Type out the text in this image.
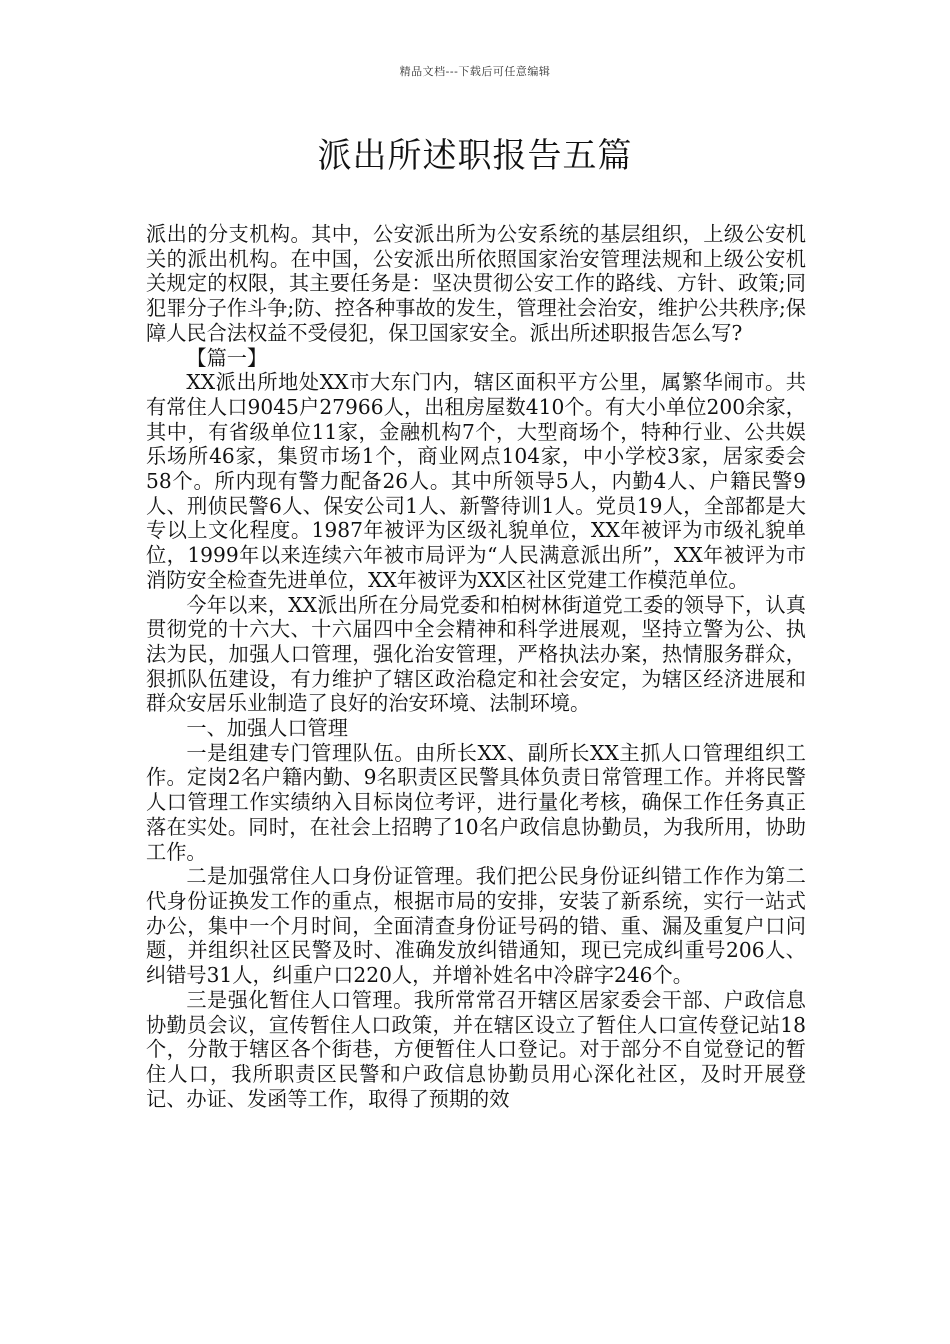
精品文档---下载后可任意编辑
派出所述职报告五篇

派出的分支机构。其中，公安派出所为公安系统的基层组织，上级公安机关的派出机构。在中国，公安派出所依照国家治安管理法规和上级公安机关规定的权限，其主要任务是：坚决贯彻公安工作的路线、方针、政策;同犯罪分子作斗争;防、控各种事故的发生，管理社会治安，维护公共秩序;保障人民合法权益不受侵犯，保卫国家安全。派出所述职报告怎么写?

【篇一】

XX派出所地处XX市大东门内，辖区面积平方公里，属繁华闹市。共有常住人口9045户27966人，出租房屋数410个。有大小单位200余家，其中，有省级单位11家，金融机构7个，大型商场个，特种行业、公共娱乐场所46家，集贸市场1个，商业网点104家，中小学校3家，居家委会58个。所内现有警力配备26人。其中所领导5人，内勤4人、户籍民警9人、刑侦民警6人、保安公司1人、新警待训1人。党员19人，全部都是大专以上文化程度。1987年被评为区级礼貌单位，XX年被评为市级礼貌单位，1999年以来连续六年被市局评为“人民满意派出所”，XX年被评为市消防安全检查先进单位，XX年被评为XX区社区党建工作模范单位。

今年以来，XX派出所在分局党委和柏树林街道党工委的领导下，认真贯彻党的十六大、十六届四中全会精神和科学进展观，坚持立警为公、执法为民，加强人口管理，强化治安管理，严格执法办案，热情服务群众，狠抓队伍建设，有力维护了辖区政治稳定和社会安定，为辖区经济进展和群众安居乐业制造了良好的治安环境、法制环境。

一、加强人口管理

一是组建专门管理队伍。由所长XX、副所长XX主抓人口管理组织工作。定岗2名户籍内勤、9名职责区民警具体负责日常管理工作。并将民警人口管理工作实绩纳入目标岗位考评，进行量化考核，确保工作任务真正落在实处。同时，在社会上招聘了10名户政信息协勤员，为我所用，协助工作。

二是加强常住人口身份证管理。我们把公民身份证纠错工作作为第二代身份证换发工作的重点，根据市局的安排，安装了新系统，实行一站式办公，集中一个月时间，全面清查身份证号码的错、重、漏及重复户口问题，并组织社区民警及时、准确发放纠错通知，现已完成纠重号206人、纠错号31人，纠重户口220人，并增补姓名中冷辟字246个。

三是强化暂住人口管理。我所常常召开辖区居家委会干部、户政信息协勤员会议，宣传暂住人口政策，并在辖区设立了暂住人口宣传登记站18个，分散于辖区各个街巷，方便暂住人口登记。对于部分不自觉登记的暂住人口，我所职责区民警和户政信息协勤员用心深化社区，及时开展登记、办证、发函等工作，取得了预期的效
